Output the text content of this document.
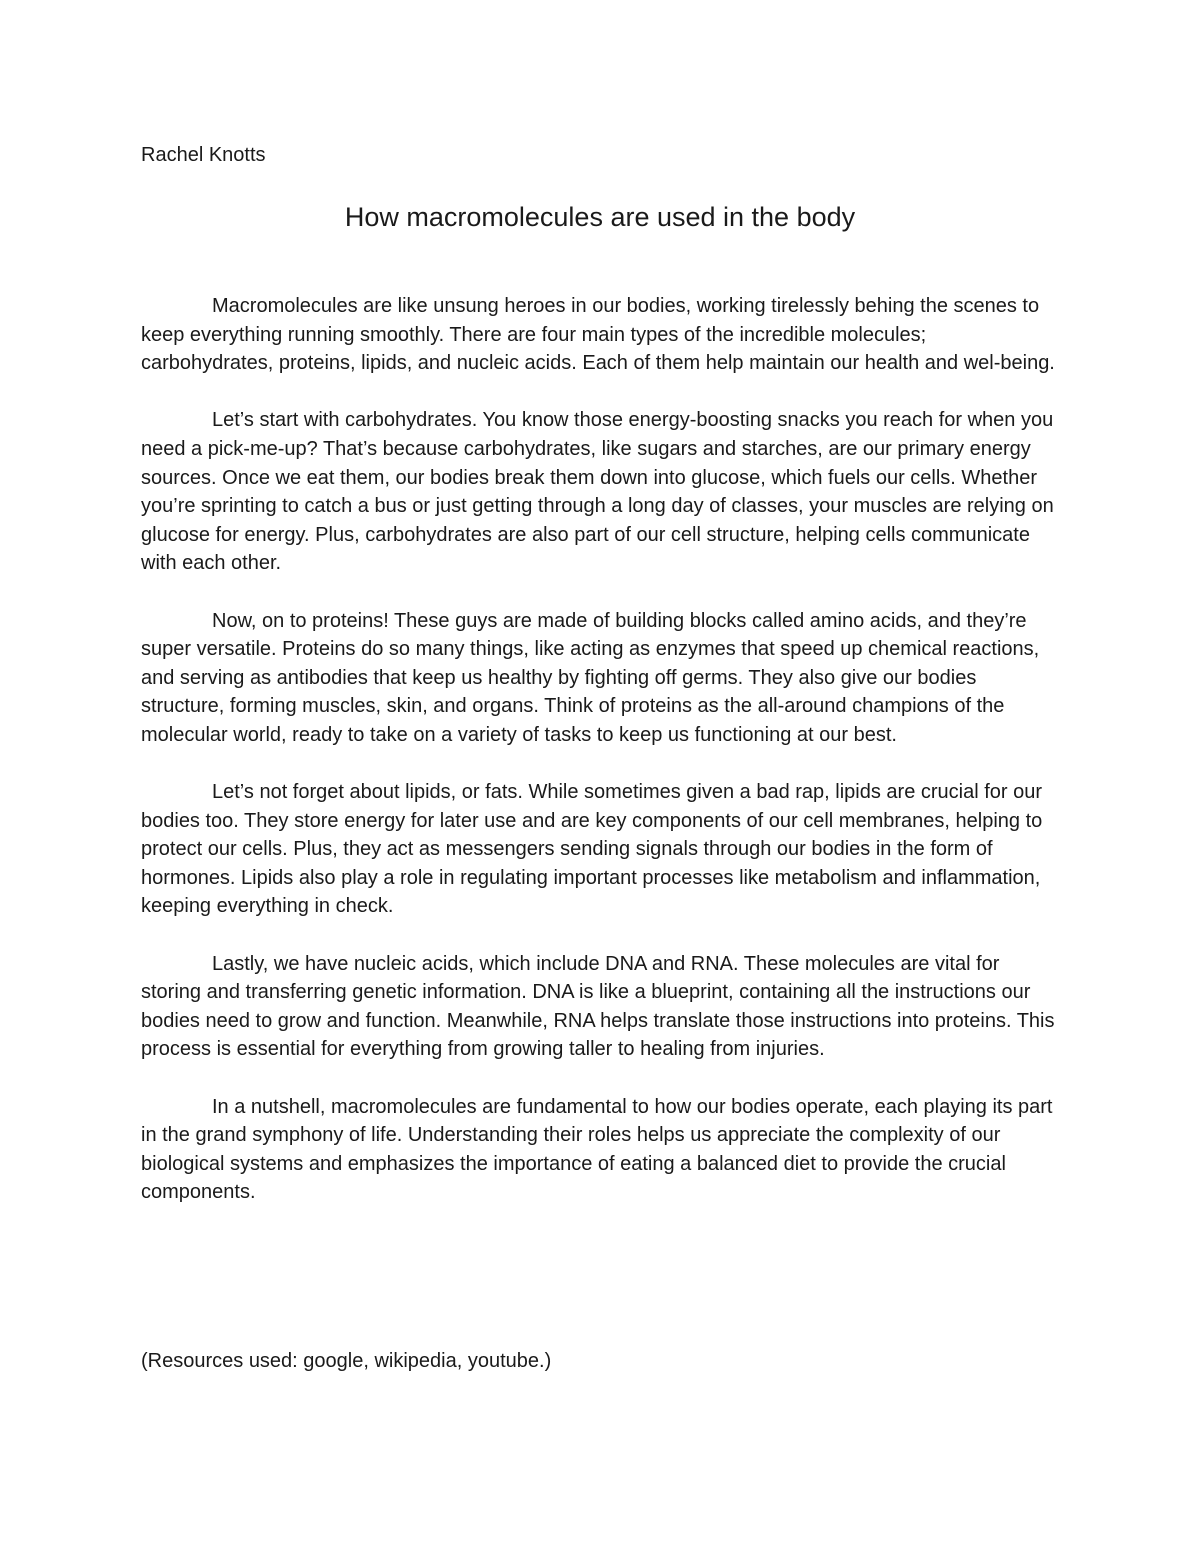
Rachel Knotts

How macromolecules are used in the body

Macromolecules are like unsung heroes in our bodies, working tirelessly behing the scenes to keep everything running smoothly. There are four main types of the incredible molecules; carbohydrates, proteins, lipids, and nucleic acids. Each of them help maintain our health and wel-being.

Let’s start with carbohydrates. You know those energy-boosting snacks you reach for when you need a pick-me-up? That’s because carbohydrates, like sugars and starches, are our primary energy sources. Once we eat them, our bodies break them down into glucose, which fuels our cells. Whether you’re sprinting to catch a bus or just getting through a long day of classes, your muscles are relying on glucose for energy. Plus, carbohydrates are also part of our cell structure, helping cells communicate with each other.

Now, on to proteins! These guys are made of building blocks called amino acids, and they’re super versatile. Proteins do so many things, like acting as enzymes that speed up chemical reactions, and serving as antibodies that keep us healthy by fighting off germs. They also give our bodies structure, forming muscles, skin, and organs. Think of proteins as the all-around champions of the molecular world, ready to take on a variety of tasks to keep us functioning at our best.

Let’s not forget about lipids, or fats. While sometimes given a bad rap, lipids are crucial for our bodies too. They store energy for later use and are key components of our cell membranes, helping to protect our cells. Plus, they act as messengers sending signals through our bodies in the form of hormones. Lipids also play a role in regulating important processes like metabolism and inflammation, keeping everything in check.

Lastly, we have nucleic acids, which include DNA and RNA. These molecules are vital for storing and transferring genetic information. DNA is like a blueprint, containing all the instructions our bodies need to grow and function. Meanwhile, RNA helps translate those instructions into proteins. This process is essential for everything from growing taller to healing from injuries.

In a nutshell, macromolecules are fundamental to how our bodies operate, each playing its part in the grand symphony of life. Understanding their roles helps us appreciate the complexity of our biological systems and emphasizes the importance of eating a balanced diet to provide the crucial components.

(Resources used: google, wikipedia, youtube.)
